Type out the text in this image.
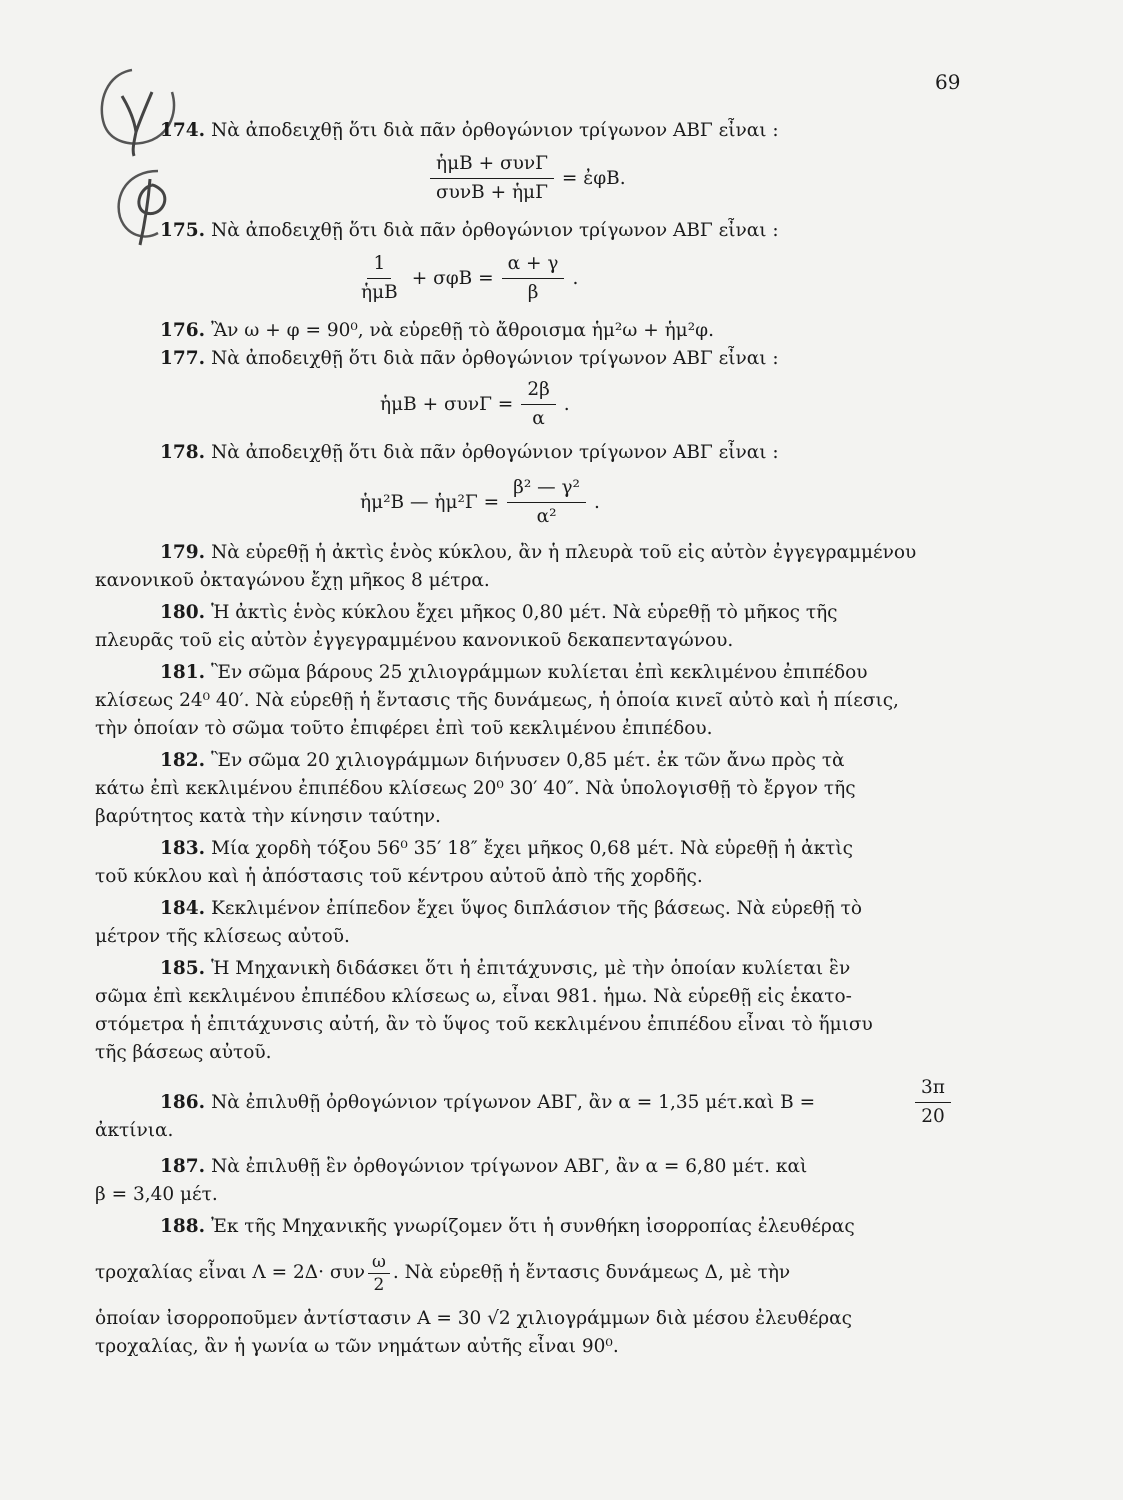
69
174. Νὰ ἀποδειχθῇ ὅτι διὰ πᾶν ὀρθογώνιον τρίγωνον ΑΒΓ εἶναι :
$\frac{\text{ἡμΒ + συνΓ}}{\text{συνΒ + ἡμΓ}}$ = ἐφΒ.
175. Νὰ ἀποδειχθῇ ὅτι διὰ πᾶν ὀρθογώνιον τρίγωνον ΑΒΓ εἶναι :
$\frac{1}{\text{ἡμΒ}} + \sigma\varphi B = \frac{\alpha + \gamma}{\beta}$ .
176. Ἂν ω + φ = 90⁰, νὰ εὑρεθῇ τὸ ἄθροισμα ἡμ²ω + ἡμ²φ.
177. Νὰ ἀποδειχθῇ ὅτι διὰ πᾶν ὀρθογώνιον τρίγωνον ΑΒΓ εἶναι :
ἡμΒ + $\sigma\upsilon\nu\Gamma = \frac{2\beta}{\alpha}$ .
178. Νὰ ἀποδειχθῇ ὅτι διὰ πᾶν ὀρθογώνιον τρίγωνον ΑΒΓ εἶναι :
ἡμ²Β — ἡμ²Γ = $\frac{\text{β² — γ²}}{\text{α²}}$ .
179. Νὰ εὑρεθῇ ἡ ἀκτὶς ἑνὸς κύκλου, ἂν ἡ πλευρὰ τοῦ εἰς αὐτὸν ἐγγεγραμμένου
κανονικοῦ ὀκταγώνου ἔχῃ μῆκος 8 μέτρα.
180. Ἡ ἀκτὶς ἑνὸς κύκλου ἔχει μῆκος 0,80 μέτ. Νὰ εὑρεθῇ τὸ μῆκος τῆς
πλευρᾶς τοῦ εἰς αὐτὸν ἐγγεγραμμένου κανονικοῦ δεκαπενταγώνου.
181. Ἓν σῶμα βάρους 25 χιλιογράμμων κυλίεται ἐπὶ κεκλιμένου ἐπιπέδου
κλίσεως 24⁰ 40′. Νὰ εὑρεθῇ ἡ ἔντασις τῆς δυνάμεως, ἡ ὁποία κινεῖ αὐτὸ καὶ ἡ πίεσις,
τὴν ὁποίαν τὸ σῶμα τοῦτο ἐπιφέρει ἐπὶ τοῦ κεκλιμένου ἐπιπέδου.
182. Ἓν σῶμα 20 χιλιογράμμων διήνυσεν 0,85 μέτ. ἐκ τῶν ἄνω πρὸς τὰ
κάτω ἐπὶ κεκλιμένου ἐπιπέδου κλίσεως 20⁰ 30′ 40″. Νὰ ὑπολογισθῇ τὸ ἔργον τῆς
βαρύτητος κατὰ τὴν κίνησιν ταύτην.
183. Μία χορδὴ τόξου 56⁰ 35′ 18″ ἔχει μῆκος 0,68 μέτ. Νὰ εὑρεθῇ ἡ ἀκτὶς
τοῦ κύκλου καὶ ἡ ἀπόστασις τοῦ κέντρου αὐτοῦ ἀπὸ τῆς χορδῆς.
184. Κεκλιμένον ἐπίπεδον ἔχει ὕψος διπλάσιον τῆς βάσεως. Νὰ εὑρεθῇ τὸ
μέτρον τῆς κλίσεως αὐτοῦ.
185. Ἡ Μηχανικὴ διδάσκει ὅτι ἡ ἐπιτάχυνσις, μὲ τὴν ὁποίαν κυλίεται ἓν
σῶμα ἐπὶ κεκλιμένου ἐπιπέδου κλίσεως ω, εἶναι 981. ἡμω. Νὰ εὑρεθῇ εἰς ἑκατο-
στόμετρα ἡ ἐπιτάχυνσις αὐτή, ἂν τὸ ὕψος τοῦ κεκλιμένου ἐπιπέδου εἶναι τὸ ἥμισυ
τῆς βάσεως αὐτοῦ.
186. Νὰ ἐπιλυθῇ ὀρθογώνιον τρίγωνον ΑΒΓ, ἂν α = 1,35 μέτ.καὶ Β =	$\frac{3\pi}{20}$
ἀκτίνια.
187. Νὰ ἐπιλυθῇ ἓν ὀρθογώνιον τρίγωνον ΑΒΓ, ἂν α = 6,80 μέτ. καὶ
β = 3,40 μέτ.
188. Ἐκ τῆς Μηχανικῆς γνωρίζομεν ὅτι ἡ συνθήκη ἰσορροπίας ἐλευθέρας
τροχαλίας εἶναι Λ = 2Δ· συν $\frac{\omega}{2}$ . Νὰ εὑρεθῇ ἡ ἔντασις δυνάμεως Δ, μὲ τὴν
ὁποίαν ἰσορροποῦμεν ἀντίστασιν Α = 30 √2 χιλιογράμμων διὰ μέσου ἐλευθέρας
τροχαλίας, ἂν ἡ γωνία ω τῶν νημάτων αὐτῆς εἶναι 90⁰.
